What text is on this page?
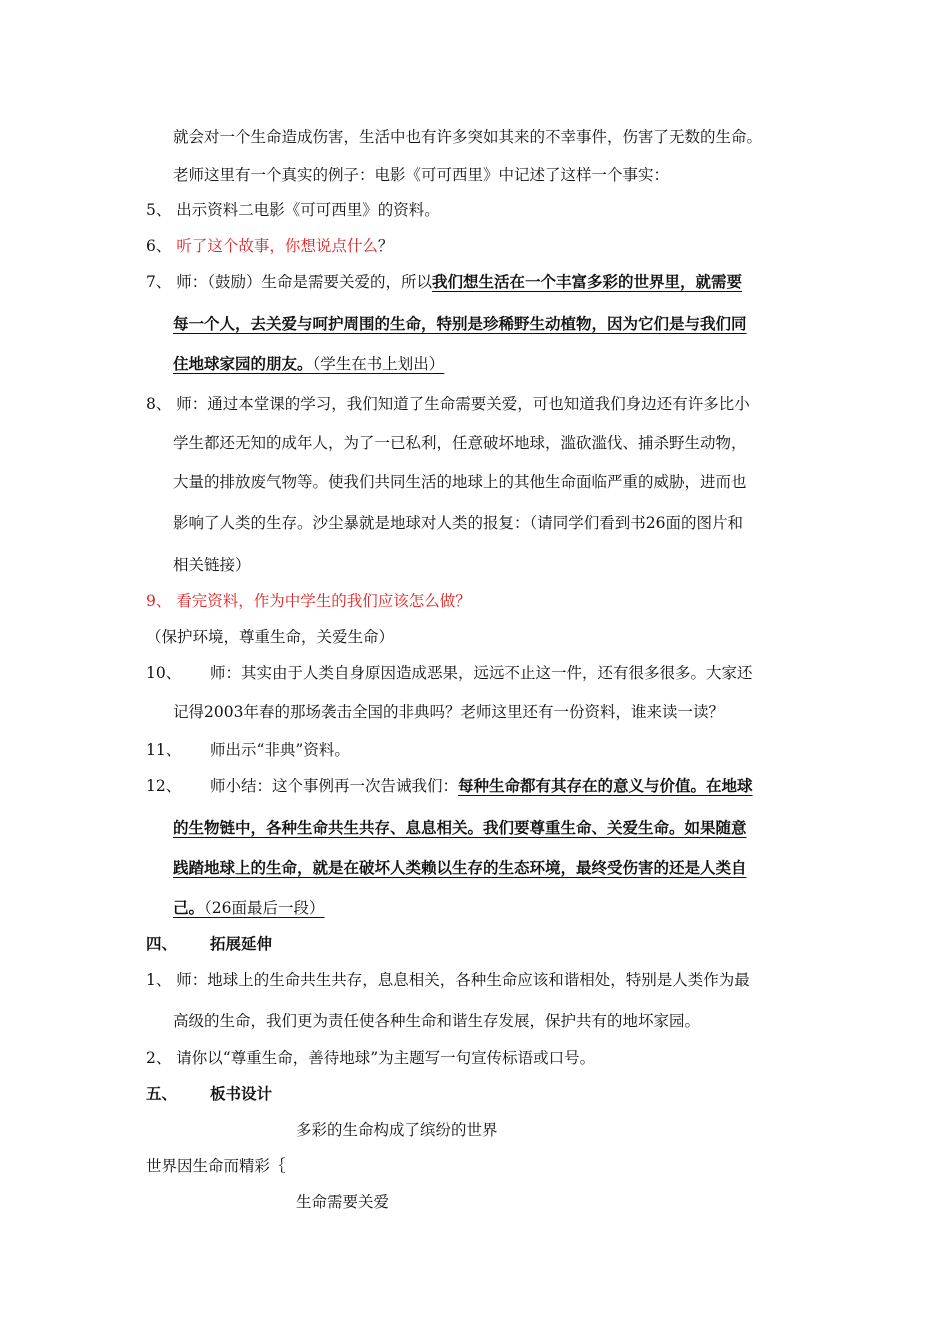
就会对一个生命造成伤害，生活中也有许多突如其来的不幸事件，伤害了无数的生命。
老师这里有一个真实的例子：电影《可可西里》中记述了这样一个事实：
5、 出示资料二电影《可可西里》的资料。
6、 听了这个故事，你想说点什么？
7、 师：（鼓励）生命是需要关爱的，所以我们想生活在一个丰富多彩的世界里，就需要
每一个人，去关爱与呵护周围的生命，特别是珍稀野生动植物，因为它们是与我们同
住地球家园的朋友。（学生在书上划出）
8、 师：通过本堂课的学习，我们知道了生命需要关爱，可也知道我们身边还有许多比小
学生都还无知的成年人，为了一已私利，任意破坏地球，滥砍滥伐、捕杀野生动物，
大量的排放废气物等。使我们共同生活的地球上的其他生命面临严重的威胁，进而也
影响了人类的生存。沙尘暴就是地球对人类的报复：（请同学们看到书26面的图片和
相关链接）
9、 看完资料，作为中学生的我们应该怎么做？
（保护环境，尊重生命，关爱生命）
10、 师：其实由于人类自身原因造成恶果，远远不止这一件，还有很多很多。大家还
记得2003年春的那场袭击全国的非典吗？老师这里还有一份资料，谁来读一读？
11、 师出示“非典”资料。
12、 师小结：这个事例再一次告诫我们：每种生命都有其存在的意义与价值。在地球
的生物链中，各种生命共生共存、息息相关。我们要尊重生命、关爱生命。如果随意
践踏地球上的生命，就是在破坏人类赖以生存的生态环境，最终受伤害的还是人类自
己。（26面最后一段）
四、 拓展延伸
1、 师：地球上的生命共生共存，息息相关，各种生命应该和谐相处，特别是人类作为最
高级的生命，我们更为责任使各种生命和谐生存发展，保护共有的地坏家园。
2、 请你以“尊重生命，善待地球”为主题写一句宣传标语或口号。
五、 板书设计
多彩的生命构成了缤纷的世界
世界因生命而精彩｛
生命需要关爱
